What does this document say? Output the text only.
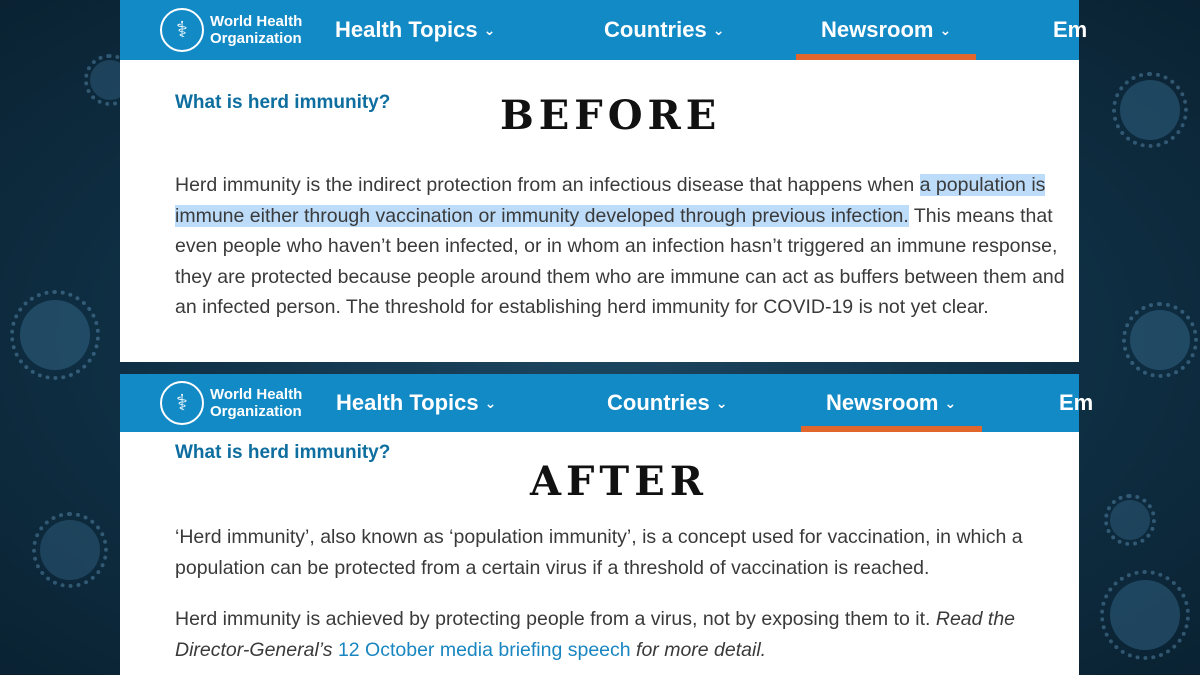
⚕	World Health Organization Health Topics ⌄	Countries ⌄	Newsroom ⌄	Em
What is herd immunity?	BEFORE

Herd immunity is the indirect protection from an infectious disease that happens when a population is immune either through vaccination or immunity developed through previous infection. This means that even people who haven’t been infected, or in whom an infection hasn’t triggered an immune response, they are protected because people around them who are immune can act as buffers between them and an infected person. The threshold for establishing herd immunity for COVID-19 is not yet clear.

⚕	World Health Organization Health Topics ⌄	Countries ⌄	Newsroom ⌄	Em
What is herd immunity?
AFTER

‘Herd immunity’, also known as ‘population immunity’, is a concept used for vaccination, in which a population can be protected from a certain virus if a threshold of vaccination is reached.

Herd immunity is achieved by protecting people from a virus, not by exposing them to it. Read the Director-General’s 12 October media briefing speech for more detail.
